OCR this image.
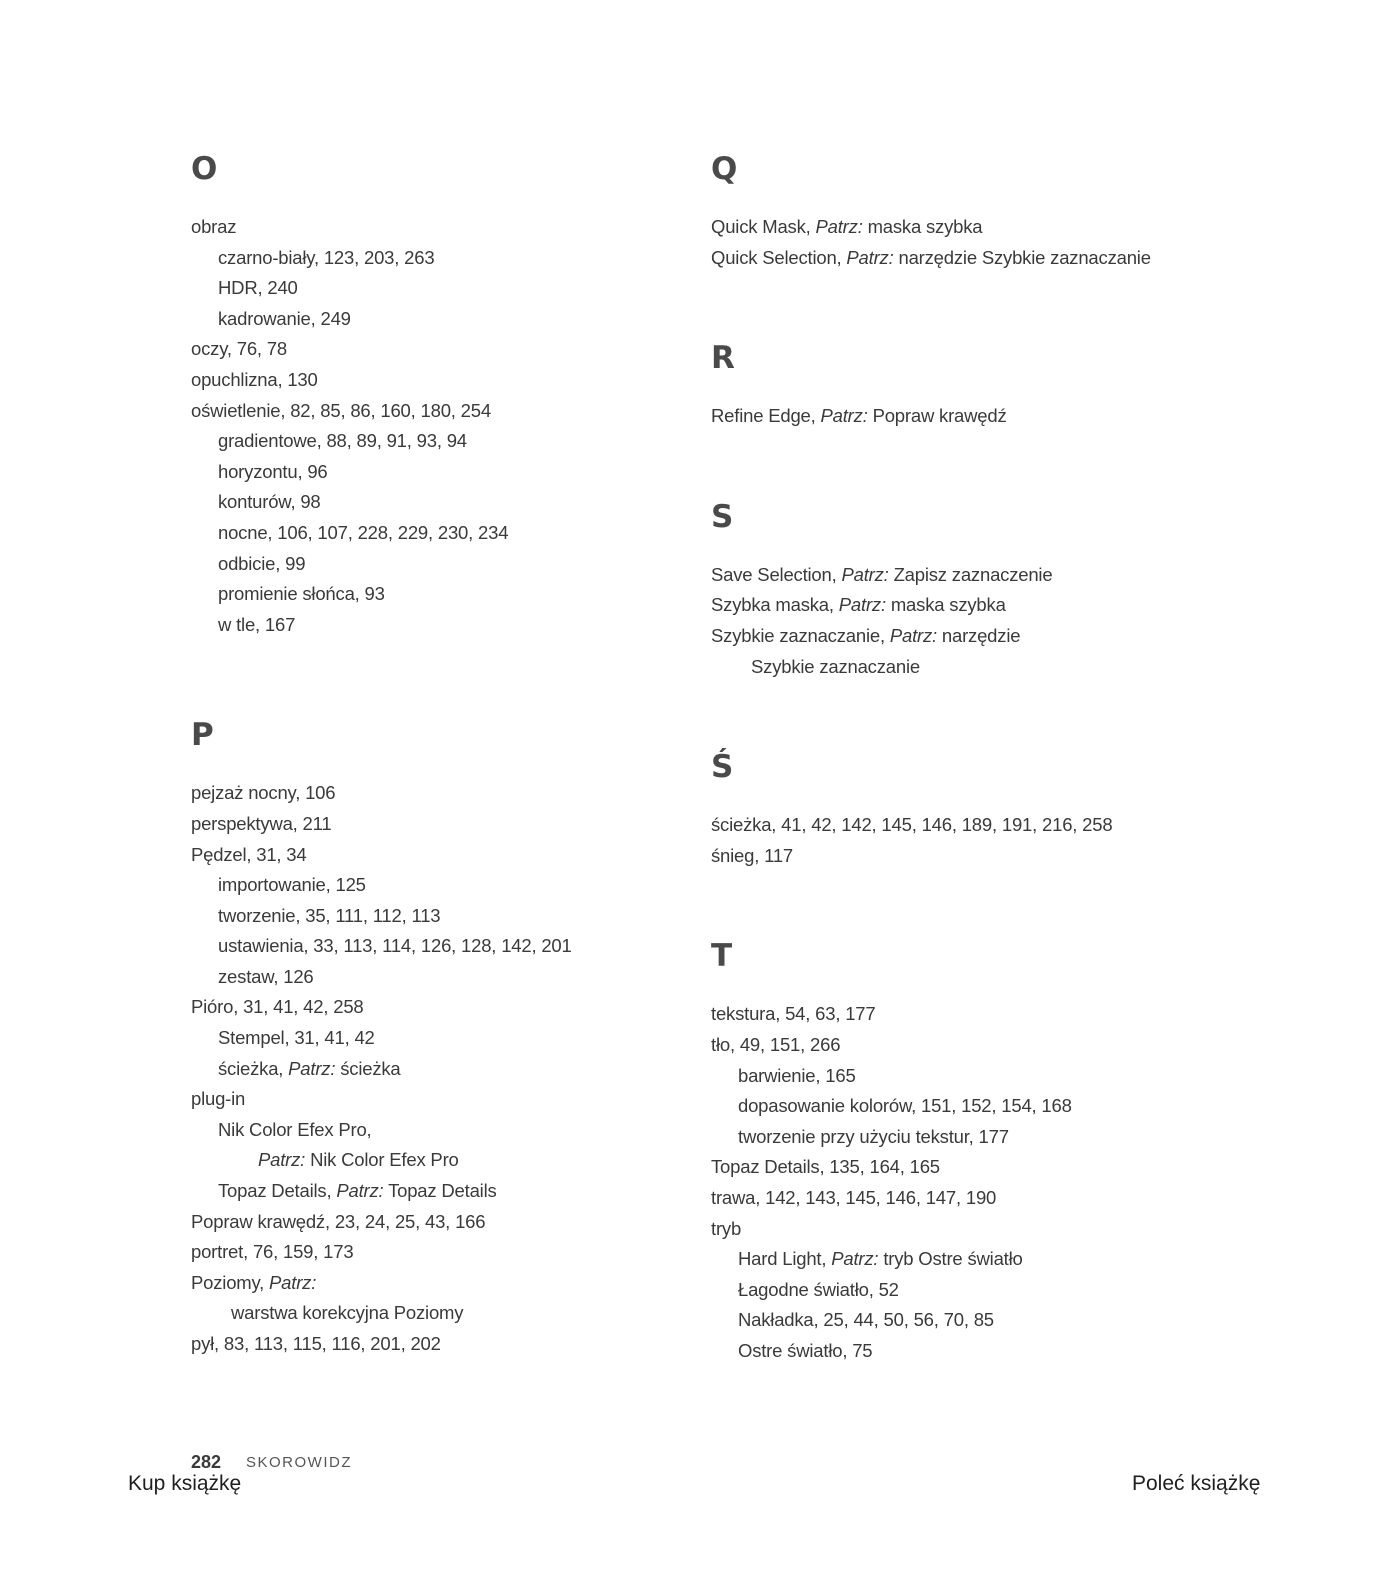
O
obraz
czarno-biały, 123, 203, 263
HDR, 240
kadrowanie, 249
oczy, 76, 78
opuchlizna, 130
oświetlenie, 82, 85, 86, 160, 180, 254
gradientowe, 88, 89, 91, 93, 94
horyzontu, 96
konturów, 98
nocne, 106, 107, 228, 229, 230, 234
odbicie, 99
promienie słońca, 93
w tle, 167
P
pejzaż nocny, 106
perspektywa, 211
Pędzel, 31, 34
importowanie, 125
tworzenie, 35, 111, 112, 113
ustawienia, 33, 113, 114, 126, 128, 142, 201
zestaw, 126
Pióro, 31, 41, 42, 258
Stempel, 31, 41, 42
ścieżka, Patrz: ścieżka
plug-in
Nik Color Efex Pro,
Patrz: Nik Color Efex Pro
Topaz Details, Patrz: Topaz Details
Popraw krawędź, 23, 24, 25, 43, 166
portret, 76, 159, 173
Poziomy, Patrz:
warstwa korekcyjna Poziomy
pył, 83, 113, 115, 116, 201, 202
Q
Quick Mask, Patrz: maska szybka
Quick Selection, Patrz: narzędzie Szybkie zaznaczanie
R
Refine Edge, Patrz: Popraw krawędź
S
Save Selection, Patrz: Zapisz zaznaczenie
Szybka maska, Patrz: maska szybka
Szybkie zaznaczanie, Patrz: narzędzie
Szybkie zaznaczanie
Ś
ścieżka, 41, 42, 142, 145, 146, 189, 191, 216, 258
śnieg, 117
T
tekstura, 54, 63, 177
tło, 49, 151, 266
barwienie, 165
dopasowanie kolorów, 151, 152, 154, 168
tworzenie przy użyciu tekstur, 177
Topaz Details, 135, 164, 165
trawa, 142, 143, 145, 146, 147, 190
tryb
Hard Light, Patrz: tryb Ostre światło
Łagodne światło, 52
Nakładka, 25, 44, 50, 56, 70, 85
Ostre światło, 75
282 SKOROWIDZ
Kup książkę	Poleć książkę
